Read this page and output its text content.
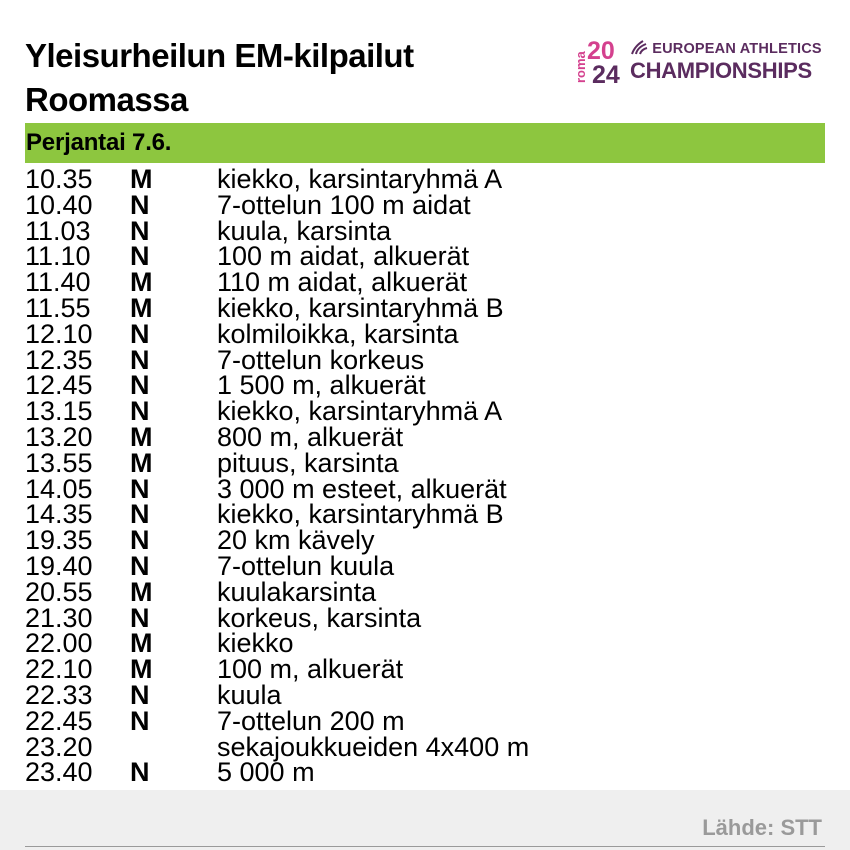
Yleisurheilun EM-kilpailut Roomassa
roma
20
24
EUROPEAN ATHLETICS
CHAMPIONSHIPS
Perjantai 7.6.
10.35 M kiekko, karsintaryhmä A
10.40 N	7-ottelun 100 m aidat
11.03 N	kuula, karsinta
11.10 N	100 m aidat, alkuerät
11.40 M 110 m aidat, alkuerät
11.55 M kiekko, karsintaryhmä B
12.10 N	kolmiloikka, karsinta
12.35 N	7-ottelun korkeus
12.45 N	1 500 m, alkuerät
13.15 N	kiekko, karsintaryhmä A
13.20 M 800 m, alkuerät
13.55 M pituus, karsinta
14.05 N	3 000 m esteet, alkuerät
14.35 N	kiekko, karsintaryhmä B
19.35 N	20 km kävely
19.40 N	7-ottelun kuula
20.55 M kuulakarsinta
21.30 N	korkeus, karsinta
22.00 M kiekko
22.10 M 100 m, alkuerät
22.33 N	kuula
22.45 N	7-ottelun 200 m
23.20	sekajoukkueiden 4x400 m
23.40 N	5 000 m
Lähde: STT
